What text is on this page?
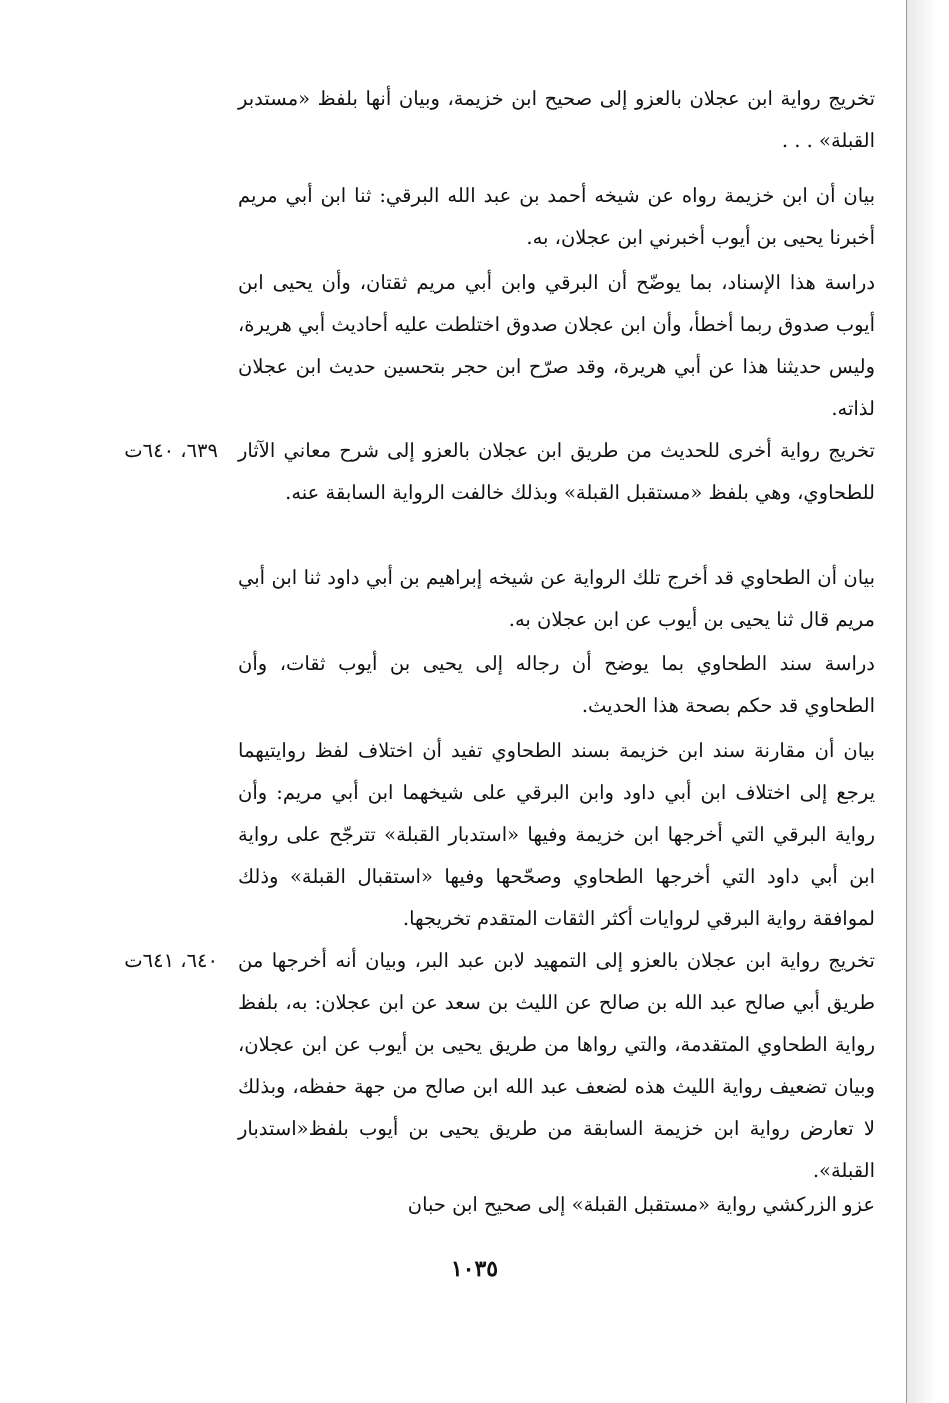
تخريج رواية ابن عجلان بالعزو إلى صحيح ابن خزيمة، وبيان أنها بلفظ «مستدبر القبلة» . . .

بيان أن ابن خزيمة رواه عن شيخه أحمد بن عبد الله البرقي: ثنا ابن أبي مريم أخبرنا يحيى بن أيوب أخبرني ابن عجلان، به.

دراسة هذا الإسناد، بما يوضّح أن البرقي وابن أبي مريم ثقتان، وأن يحيى ابن أيوب صدوق ربما أخطأ، وأن ابن عجلان صدوق اختلطت عليه أحاديث أبي هريرة، وليس حديثنا هذا عن أبي هريرة، وقد صرّح ابن حجر بتحسين حديث ابن عجلان لذاته.

تخريج رواية أخرى للحديث من طريق ابن عجلان بالعزو إلى شرح معاني الآثار للطحاوي، وهي بلفظ «مستقبل القبلة» وبذلك خالفت الرواية السابقة عنه.

٦٣٩، ٦٤٠ت

بيان أن الطحاوي قد أخرج تلك الرواية عن شيخه إبراهيم بن أبي داود ثنا ابن أبي مريم قال ثنا يحيى بن أيوب عن ابن عجلان به.

دراسة سند الطحاوي بما يوضح أن رجاله إلى يحيى بن أيوب ثقات، وأن الطحاوي قد حكم بصحة هذا الحديث.

بيان أن مقارنة سند ابن خزيمة بسند الطحاوي تفيد أن اختلاف لفظ روايتيهما يرجع إلى اختلاف ابن أبي داود وابن البرقي على شيخهما ابن أبي مريم: وأن رواية البرقي التي أخرجها ابن خزيمة وفيها «استدبار القبلة» تترجّح على رواية ابن أبي داود التي أخرجها الطحاوي وصحّحها وفيها «استقبال القبلة» وذلك لموافقة رواية البرقي لروايات أكثر الثقات المتقدم تخريجها.

تخريج رواية ابن عجلان بالعزو إلى التمهيد لابن عبد البر، وبيان أنه أخرجها من طريق أبي صالح عبد الله بن صالح عن الليث بن سعد عن ابن عجلان: به، بلفظ رواية الطحاوي المتقدمة، والتي رواها من طريق يحيى بن أيوب عن ابن عجلان، وبيان تضعيف رواية الليث هذه لضعف عبد الله ابن صالح من جهة حفظه، وبذلك لا تعارض رواية ابن خزيمة السابقة من طريق يحيى بن أيوب بلفظ«استدبار القبلة».

٦٤٠، ٦٤١ت

عزو الزركشي رواية «مستقبل القبلة» إلى صحيح ابن حبان

١٠٣٥
